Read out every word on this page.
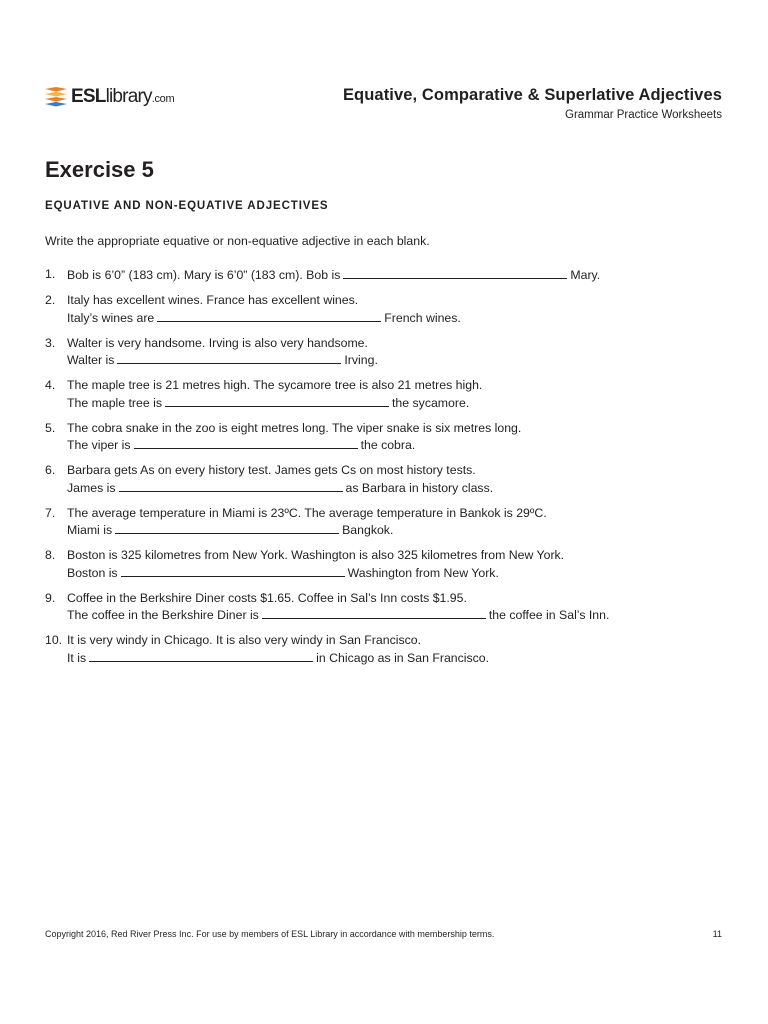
ESLlibrary.com	Equative, Comparative & Superlative Adjectives
Grammar Practice Worksheets
Exercise 5
EQUATIVE AND NON-EQUATIVE ADJECTIVES
Write the appropriate equative or non-equative adjective in each blank.
1. Bob is 6’0” (183 cm). Mary is 6’0” (183 cm). Bob is	Mary.
2. Italy has excellent wines. France has excellent wines.
Italy’s wines are	French wines.
3. Walter is very handsome. Irving is also very handsome.
Walter is	Irving.
4. The maple tree is 21 metres high. The sycamore tree is also 21 metres high.
The maple tree is	the sycamore.
5. The cobra snake in the zoo is eight metres long. The viper snake is six metres long.
The viper is	the cobra.
6. Barbara gets As on every history test. James gets Cs on most history tests.
James is	as Barbara in history class.
7. The average temperature in Miami is 23ºC. The average temperature in Bankok is 29ºC.
Miami is	Bangkok.
8. Boston is 325 kilometres from New York. Washington is also 325 kilometres from New York.
Boston is	Washington from New York.
9. Coffee in the Berkshire Diner costs $1.65. Coffee in Sal’s Inn costs $1.95.
The coffee in the Berkshire Diner is	the coffee in Sal’s Inn.
10. It is very windy in Chicago. It is also very windy in San Francisco.
It is	in Chicago as in San Francisco.
Copyright 2016, Red River Press Inc. For use by members of ESL Library in accordance with membership terms.	11
